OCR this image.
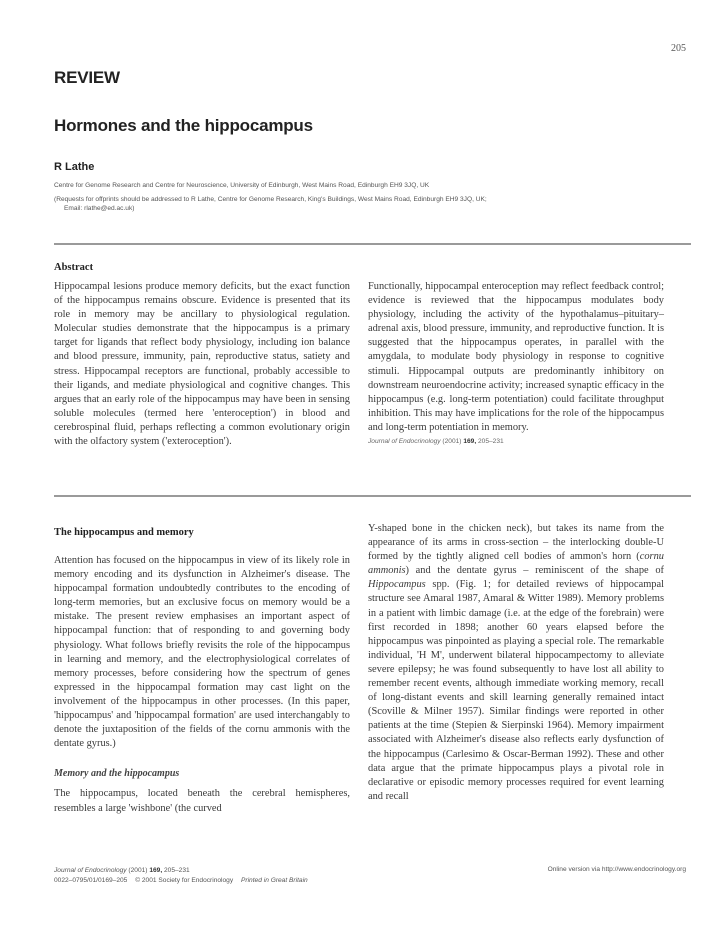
205
REVIEW
Hormones and the hippocampus
R Lathe
Centre for Genome Research and Centre for Neuroscience, University of Edinburgh, West Mains Road, Edinburgh EH9 3JQ, UK
(Requests for offprints should be addressed to R Lathe, Centre for Genome Research, King's Buildings, West Mains Road, Edinburgh EH9 3JQ, UK;
Email: rlathe@ed.ac.uk)
Abstract

Hippocampal lesions produce memory deficits, but the exact function of the hippocampus remains obscure. Evidence is presented that its role in memory may be ancillary to physiological regulation. Molecular studies demonstrate that the hippocampus is a primary target for ligands that reflect body physiology, including ion balance and blood pressure, immunity, pain, reproductive status, satiety and stress. Hippocampal receptors are functional, probably accessible to their ligands, and mediate physiological and cognitive changes. This argues that an early role of the hippocampus may have been in sensing soluble molecules (termed here 'enteroception') in blood and cerebrospinal fluid, perhaps reflecting a common evolutionary origin with the olfactory system ('exteroception').

Functionally, hippocampal enteroception may reflect feedback control; evidence is reviewed that the hippocampus modulates body physiology, including the activity of the hypothalamus–pituitary–adrenal axis, blood pressure, immunity, and reproductive function. It is suggested that the hippocampus operates, in parallel with the amygdala, to modulate body physiology in response to cognitive stimuli. Hippocampal outputs are predominantly inhibitory on downstream neuroendocrine activity; increased synaptic efficacy in the hippocampus (e.g. long-term potentiation) could facilitate throughput inhibition. This may have implications for the role of the hippocampus and long-term potentiation in memory.

Journal of Endocrinology (2001) 169, 205–231
The hippocampus and memory

Attention has focused on the hippocampus in view of its likely role in memory encoding and its dysfunction in Alzheimer's disease. The hippocampal formation undoubtedly contributes to the encoding of long-term memories, but an exclusive focus on memory would be a mistake. The present review emphasises an important aspect of hippocampal function: that of responding to and governing body physiology. What follows briefly revisits the role of the hippocampus in learning and memory, and the electrophysiological correlates of memory processes, before considering how the spectrum of genes expressed in the hippocampal formation may cast light on the involvement of the hippocampus in other processes. (In this paper, 'hippocampus' and 'hippocampal formation' are used interchangably to denote the juxtaposition of the fields of the cornu ammonis with the dentate gyrus.)

Memory and the hippocampus

The hippocampus, located beneath the cerebral hemispheres, resembles a large 'wishbone' (the curved

Y-shaped bone in the chicken neck), but takes its name from the appearance of its arms in cross-section – the interlocking double-U formed by the tightly aligned cell bodies of ammon's horn (cornu ammonis) and the dentate gyrus – reminiscent of the shape of Hippocampus spp. (Fig. 1; for detailed reviews of hippocampal structure see Amaral 1987, Amaral & Witter 1989). Memory problems in a patient with limbic damage (i.e. at the edge of the forebrain) were first recorded in 1898; another 60 years elapsed before the hippocampus was pinpointed as playing a special role. The remarkable individual, 'H M', underwent bilateral hippocampectomy to alleviate severe epilepsy; he was found subsequently to have lost all ability to remember recent events, although immediate working memory, recall of long-distant events and skill learning generally remained intact (Scoville & Milner 1957). Similar findings were reported in other patients at the time (Stepien & Sierpinski 1964). Memory impairment associated with Alzheimer's disease also reflects early dysfunction of the hippocampus (Carlesimo & Oscar-Berman 1992). These and other data argue that the primate hippocampus plays a pivotal role in declarative or episodic memory processes required for event learning and recall

Journal of Endocrinology (2001) 169, 205–231
0022–0795/01/0169–205 © 2001 Society for Endocrinology Printed in Great Britain
Online version via http://www.endocrinology.org
